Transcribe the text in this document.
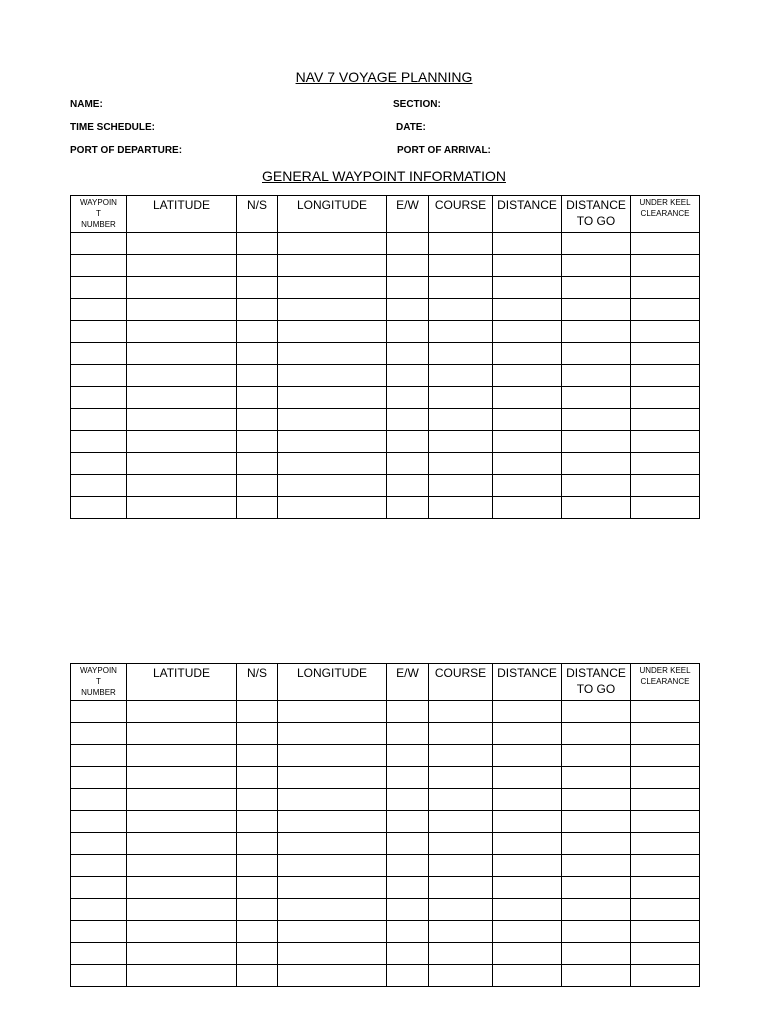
NAV 7 VOYAGE PLANNING
NAME:	SECTION:
TIME SCHEDULE:	DATE:
PORT OF DEPARTURE:	PORT OF ARRIVAL:
GENERAL WAYPOINT INFORMATION
WAYPOIN
T
NUMBER	LATITUDE	N/S	LONGITUDE	E/W	COURSE	DISTANCE	DISTANCE
TO GO	UNDER KEEL
CLEARANCE

WAYPOIN
T
NUMBER	LATITUDE	N/S	LONGITUDE	E/W	COURSE	DISTANCE	DISTANCE
TO GO	UNDER KEEL
CLEARANCE
